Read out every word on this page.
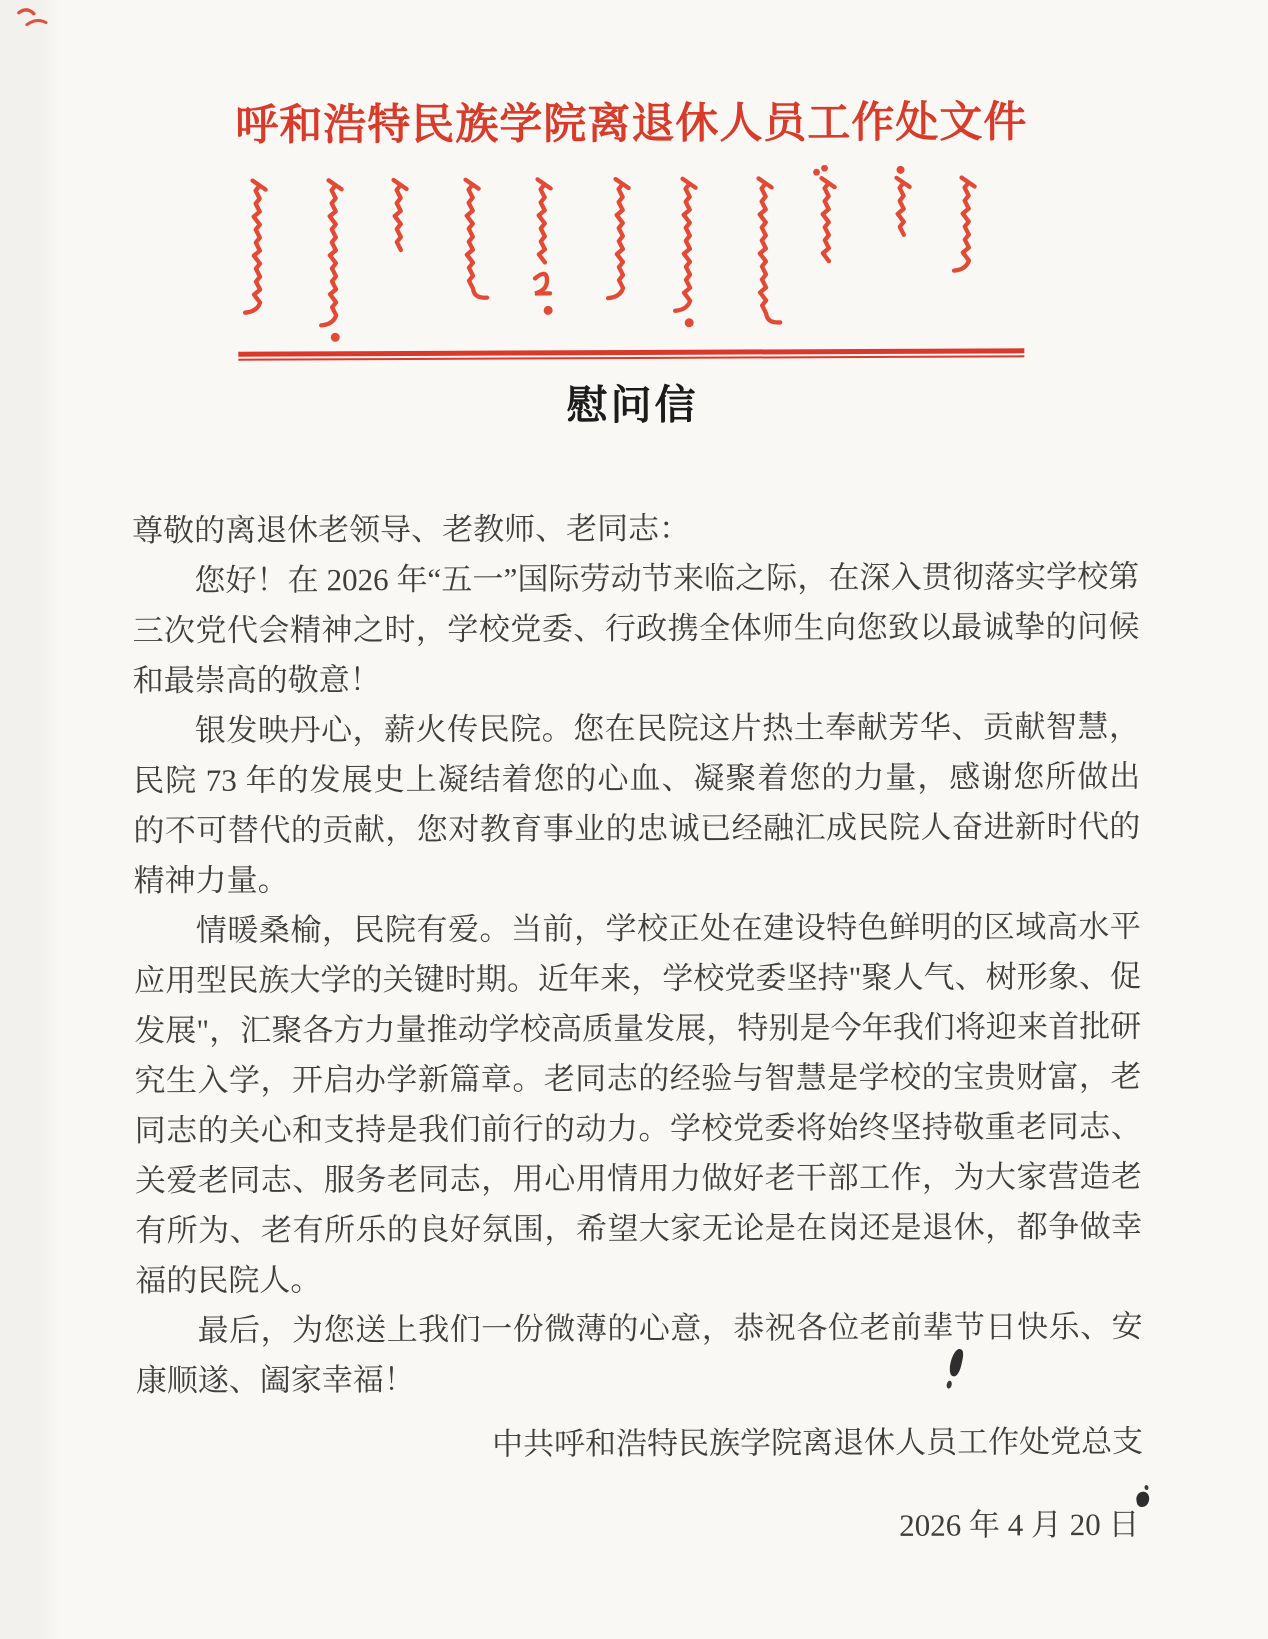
呼和浩特民族学院离退休人员工作处文件
慰问信

尊敬的离退休老领导、老教师、老同志：

您好！在 2026 年“五一”国际劳动节来临之际，在深入贯彻落实学校第三次党代会精神之时，学校党委、行政携全体师生向您致以最诚挚的问候和最崇高的敬意！

银发映丹心，薪火传民院。您在民院这片热土奉献芳华、贡献智慧，民院 73 年的发展史上凝结着您的心血、凝聚着您的力量，感谢您所做出的不可替代的贡献，您对教育事业的忠诚已经融汇成民院人奋进新时代的精神力量。

情暖桑榆，民院有爱。当前，学校正处在建设特色鲜明的区域高水平应用型民族大学的关键时期。近年来，学校党委坚持"聚人气、树形象、促发展"，汇聚各方力量推动学校高质量发展，特别是今年我们将迎来首批研究生入学，开启办学新篇章。老同志的经验与智慧是学校的宝贵财富，老同志的关心和支持是我们前行的动力。学校党委将始终坚持敬重老同志、关爱老同志、服务老同志，用心用情用力做好老干部工作，为大家营造老有所为、老有所乐的良好氛围，希望大家无论是在岗还是退休，都争做幸福的民院人。

最后，为您送上我们一份微薄的心意，恭祝各位老前辈节日快乐、安康顺遂、阖家幸福！

中共呼和浩特民族学院离退休人员工作处党总支

2026 年 4 月 20 日
